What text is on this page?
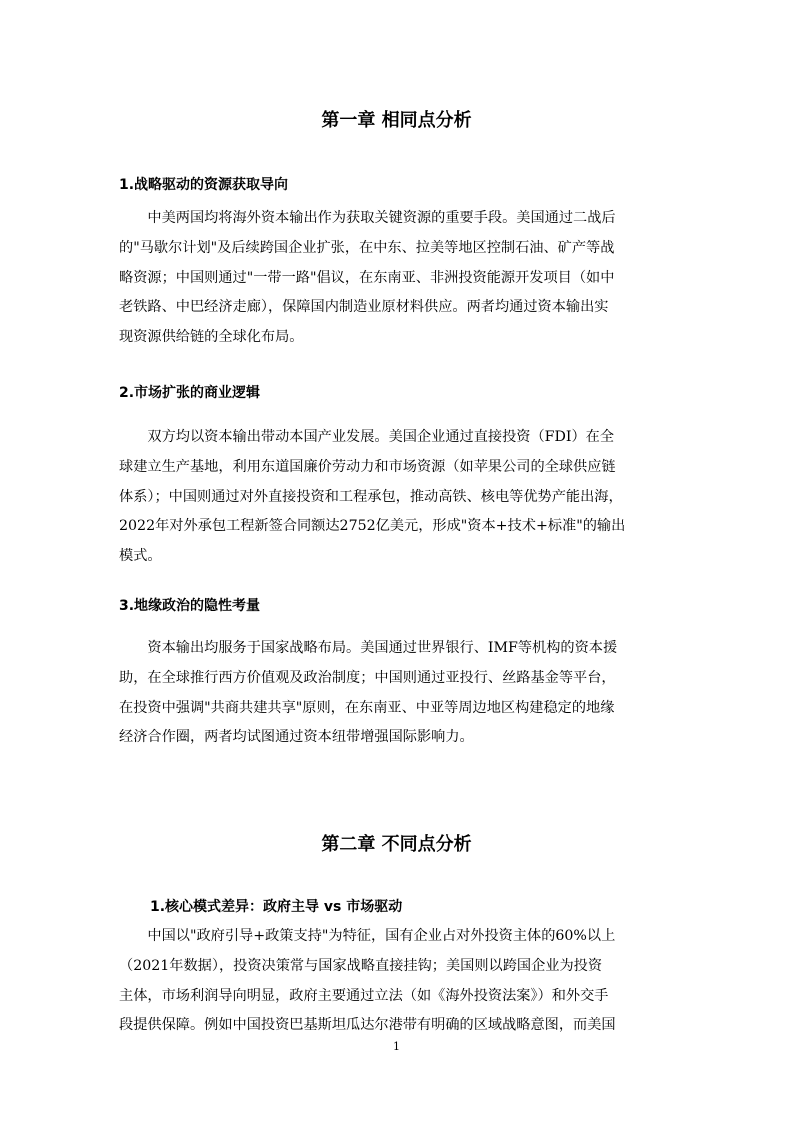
第一章 相同点分析
1.战略驱动的资源获取导向
　　中美两国均将海外资本输出作为获取关键资源的重要手段。美国通过二战后
的"马歇尔计划"及后续跨国企业扩张，在中东、拉美等地区控制石油、矿产等战
略资源；中国则通过"一带一路"倡议，在东南亚、非洲投资能源开发项目（如中
老铁路、中巴经济走廊），保障国内制造业原材料供应。两者均通过资本输出实
现资源供给链的全球化布局。
2.市场扩张的商业逻辑
　　双方均以资本输出带动本国产业发展。美国企业通过直接投资（FDI）在全
球建立生产基地，利用东道国廉价劳动力和市场资源（如苹果公司的全球供应链
体系）；中国则通过对外直接投资和工程承包，推动高铁、核电等优势产能出海，
2022年对外承包工程新签合同额达2752亿美元，形成"资本+技术+标准"的输出
模式。
3.地缘政治的隐性考量
　　资本输出均服务于国家战略布局。美国通过世界银行、IMF等机构的资本援
助，在全球推行西方价值观及政治制度；中国则通过亚投行、丝路基金等平台，
在投资中强调"共商共建共享"原则，在东南亚、中亚等周边地区构建稳定的地缘
经济合作圈，两者均试图通过资本纽带增强国际影响力。
第二章 不同点分析
1.核心模式差异：政府主导 vs 市场驱动
　　中国以"政府引导+政策支持"为特征，国有企业占对外投资主体的60%以上
（2021年数据），投资决策常与国家战略直接挂钩；美国则以跨国企业为投资
主体，市场利润导向明显，政府主要通过立法（如《海外投资法案》）和外交手
段提供保障。例如中国投资巴基斯坦瓜达尔港带有明确的区域战略意图，而美国
1
